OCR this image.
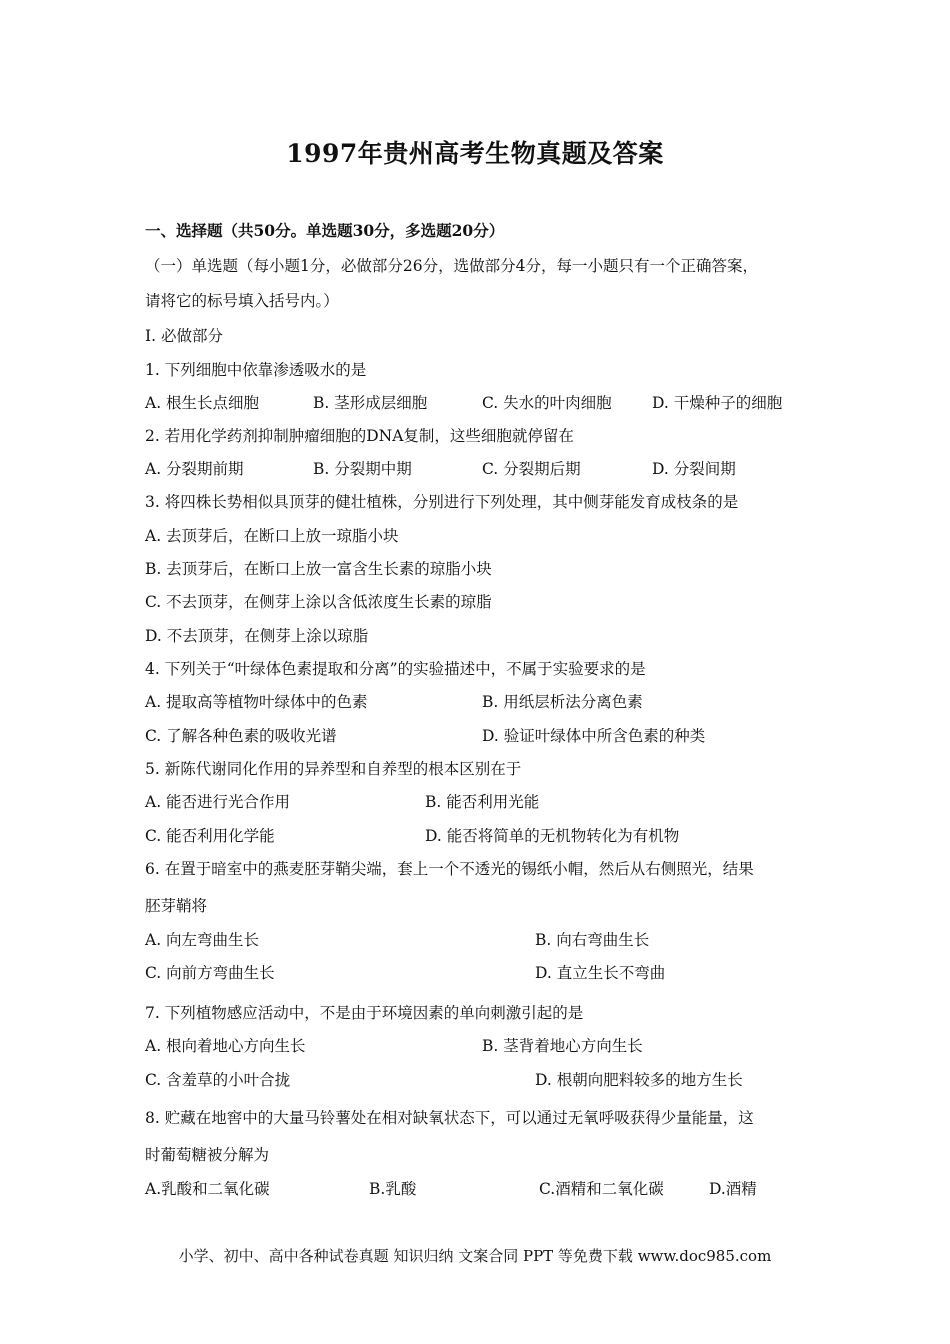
1997年贵州高考生物真题及答案
一、选择题（共50分。单选题30分，多选题20分）
（一）单选题（每小题1分，必做部分26分，选做部分4分，每一小题只有一个正确答案，
请将它的标号填入括号内。）
I. 必做部分
1. 下列细胞中依靠渗透吸水的是
A. 根生长点细胞	B. 茎形成层细胞	C. 失水的叶肉细胞	D. 干燥种子的细胞
2. 若用化学药剂抑制肿瘤细胞的DNA复制，这些细胞就停留在
A. 分裂期前期	B. 分裂期中期	C. 分裂期后期	D. 分裂间期
3. 将四株长势相似具顶芽的健壮植株，分别进行下列处理，其中侧芽能发育成枝条的是
A. 去顶芽后，在断口上放一琼脂小块
B. 去顶芽后，在断口上放一富含生长素的琼脂小块
C. 不去顶芽，在侧芽上涂以含低浓度生长素的琼脂
D. 不去顶芽，在侧芽上涂以琼脂
4. 下列关于“叶绿体色素提取和分离”的实验描述中，不属于实验要求的是
A. 提取高等植物叶绿体中的色素	B. 用纸层析法分离色素
C. 了解各种色素的吸收光谱	D. 验证叶绿体中所含色素的种类
5. 新陈代谢同化作用的异养型和自养型的根本区别在于
A. 能否进行光合作用	B. 能否利用光能
C. 能否利用化学能	D. 能否将简单的无机物转化为有机物
6. 在置于暗室中的燕麦胚芽鞘尖端，套上一个不透光的锡纸小帽，然后从右侧照光，结果
胚芽鞘将
A. 向左弯曲生长	B. 向右弯曲生长
C. 向前方弯曲生长	D. 直立生长不弯曲
7. 下列植物感应活动中，不是由于环境因素的单向刺激引起的是
A. 根向着地心方向生长	B. 茎背着地心方向生长
C. 含羞草的小叶合拢	D. 根朝向肥料较多的地方生长
8. 贮藏在地窖中的大量马铃薯处在相对缺氧状态下，可以通过无氧呼吸获得少量能量，这
时葡萄糖被分解为
A.乳酸和二氧化碳	B.乳酸	C.酒精和二氧化碳	D.酒精
小学、初中、高中各种试卷真题 知识归纳 文案合同 PPT 等免费下载 www.doc985.com
